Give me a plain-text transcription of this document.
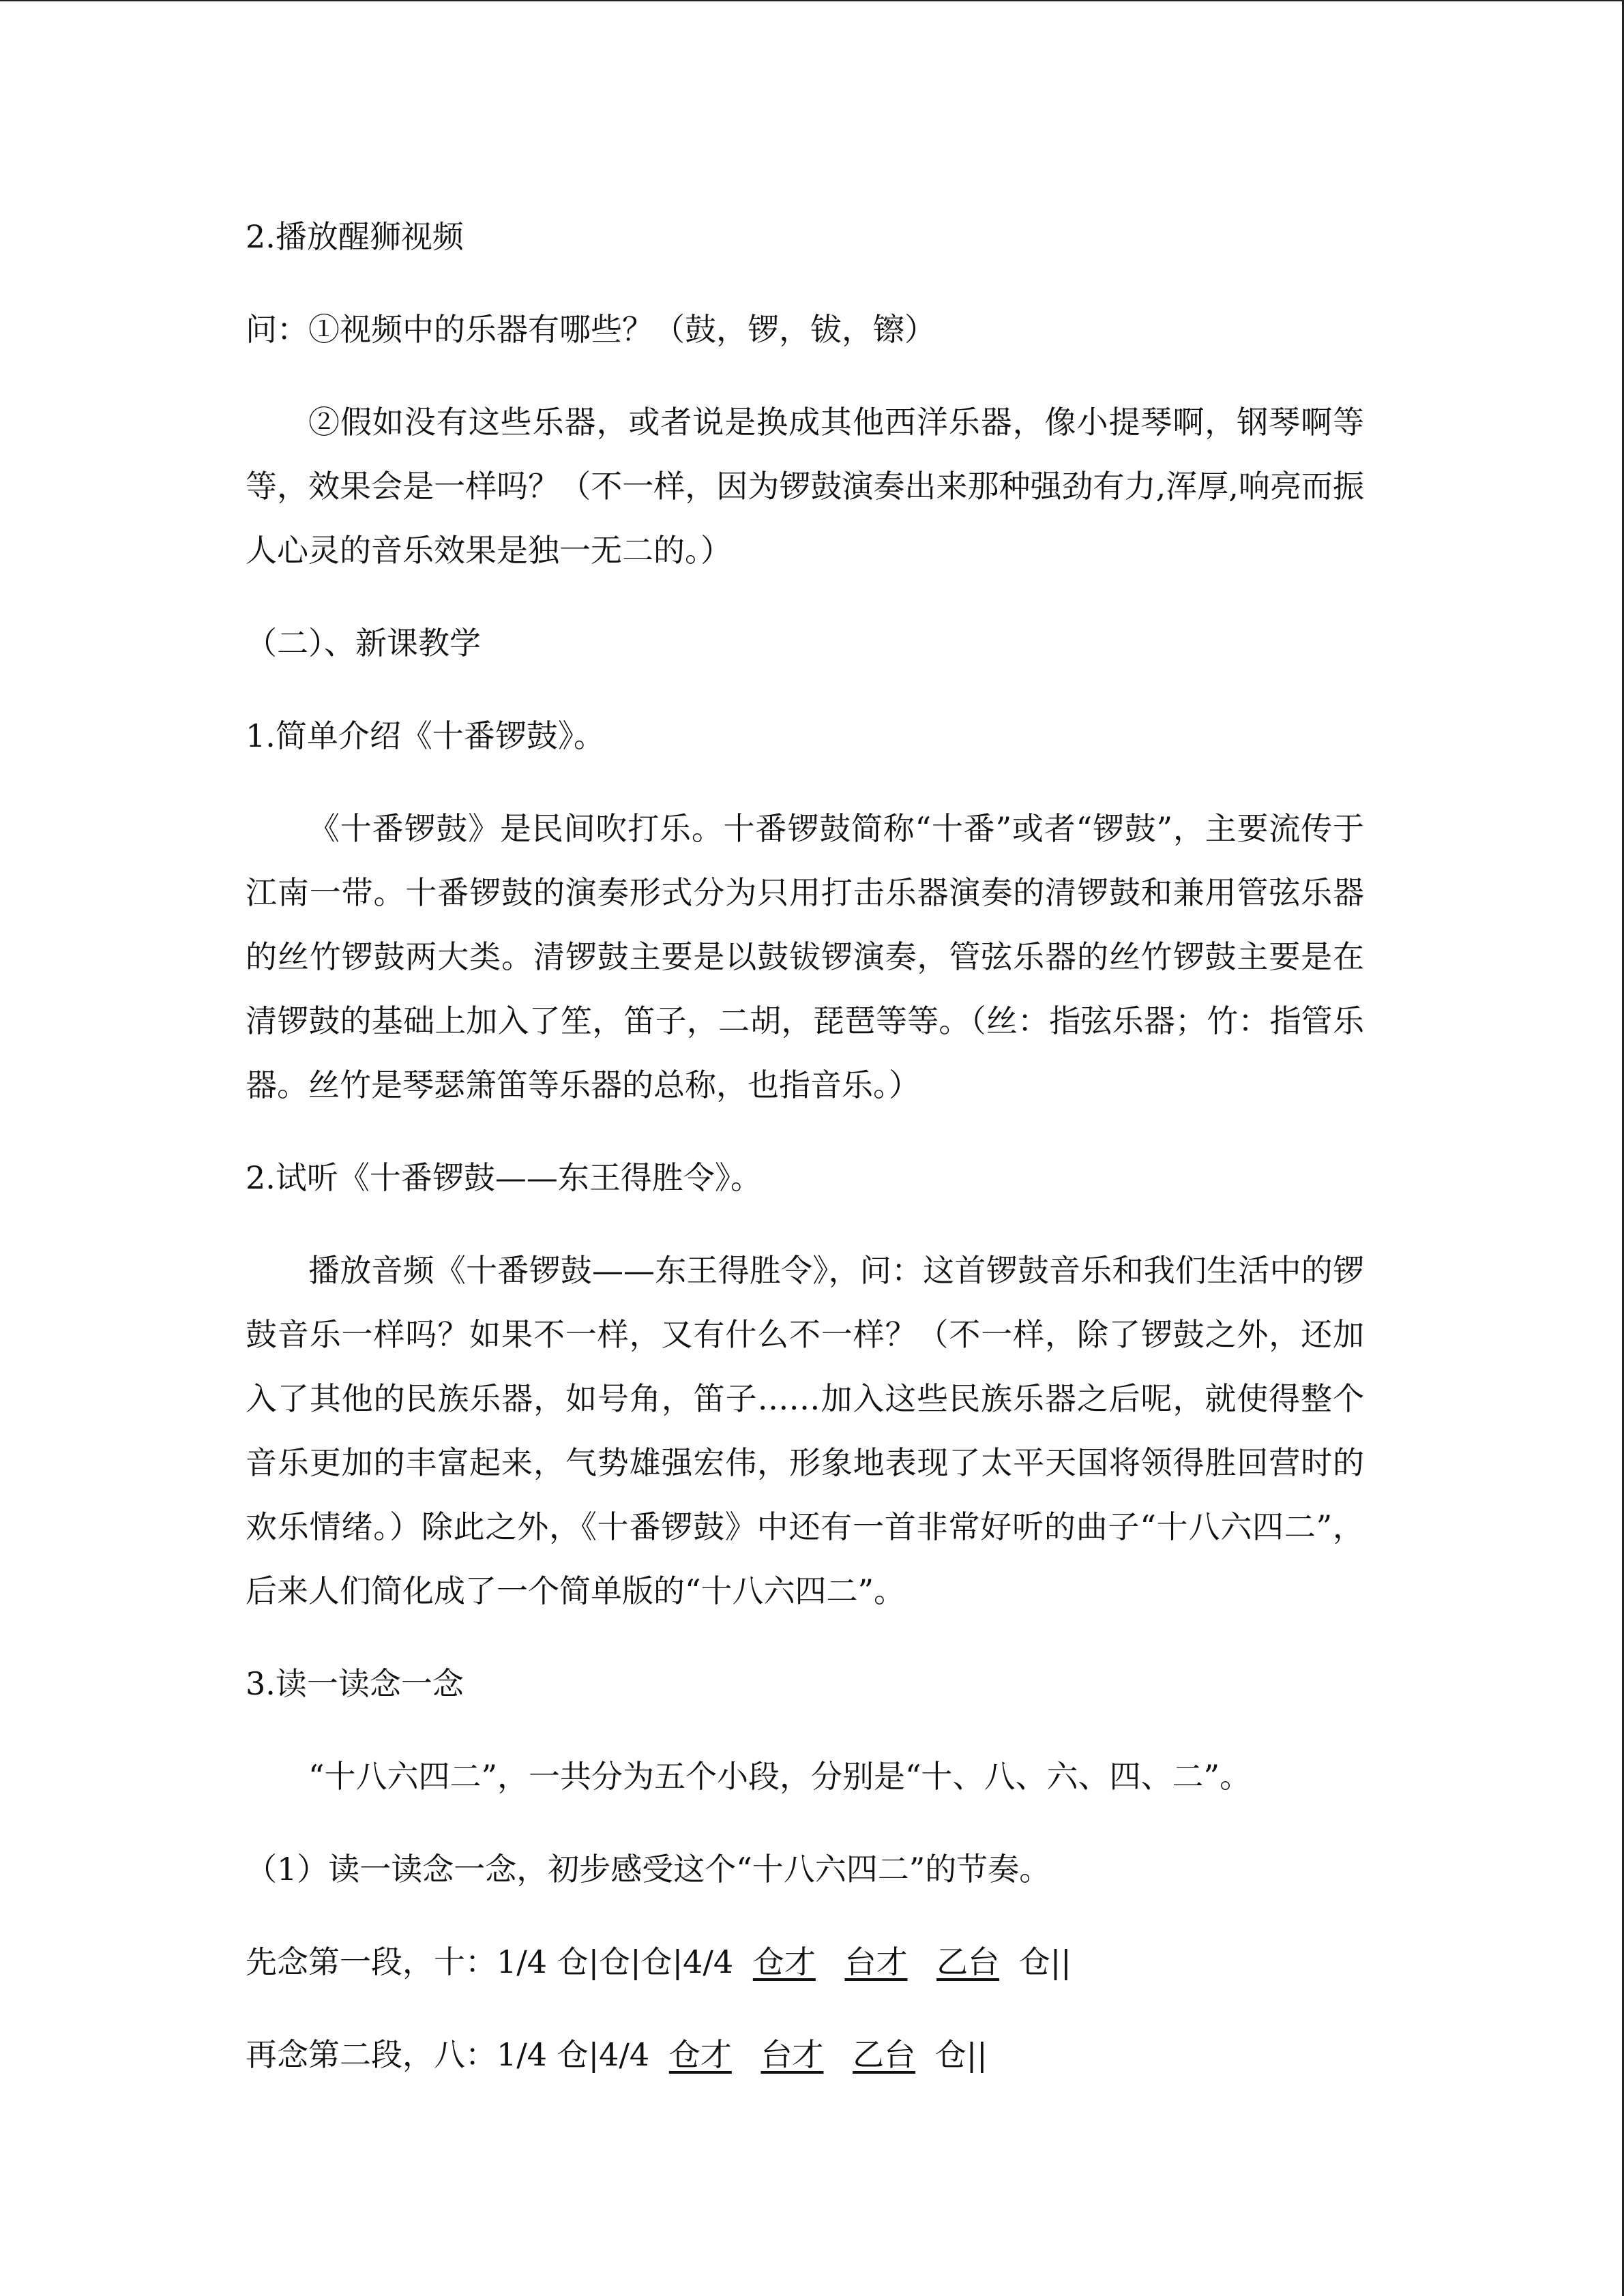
2.播放醒狮视频

问：①视频中的乐器有哪些？（鼓，锣，钹，镲）

②假如没有这些乐器，或者说是换成其他西洋乐器，像小提琴啊，钢琴啊等等，效果会是一样吗？（不一样，因为锣鼓演奏出来那种强劲有力,浑厚,响亮而振人心灵的音乐效果是独一无二的。）

（二）、新课教学

1.简单介绍《十番锣鼓》。

《十番锣鼓》是民间吹打乐。十番锣鼓简称“十番”或者“锣鼓”，主要流传于江南一带。十番锣鼓的演奏形式分为只用打击乐器演奏的清锣鼓和兼用管弦乐器的丝竹锣鼓两大类。清锣鼓主要是以鼓钹锣演奏，管弦乐器的丝竹锣鼓主要是在清锣鼓的基础上加入了笙，笛子，二胡，琵琶等等。（丝：指弦乐器；竹：指管乐器。丝竹是琴瑟箫笛等乐器的总称，也指音乐。）

2.试听《十番锣鼓——东王得胜令》。

播放音频《十番锣鼓——东王得胜令》，问：这首锣鼓音乐和我们生活中的锣鼓音乐一样吗？如果不一样，又有什么不一样？（不一样，除了锣鼓之外，还加入了其他的民族乐器，如号角，笛子……加入这些民族乐器之后呢，就使得整个音乐更加的丰富起来，气势雄强宏伟，形象地表现了太平天国将领得胜回营时的欢乐情绪。）除此之外，《十番锣鼓》中还有一首非常好听的曲子“十八六四二”，后来人们简化成了一个简单版的“十八六四二”。

3.读一读念一念

“十八六四二”，一共分为五个小段，分别是“十、八、六、四、二”。

（1）读一读念一念，初步感受这个“十八六四二”的节奏。

先念第一段，十：1/4 仓|仓|仓|4/4 仓才 台才 乙台 仓||

再念第二段，八：1/4 仓|4/4 仓才 台才 乙台 仓||
